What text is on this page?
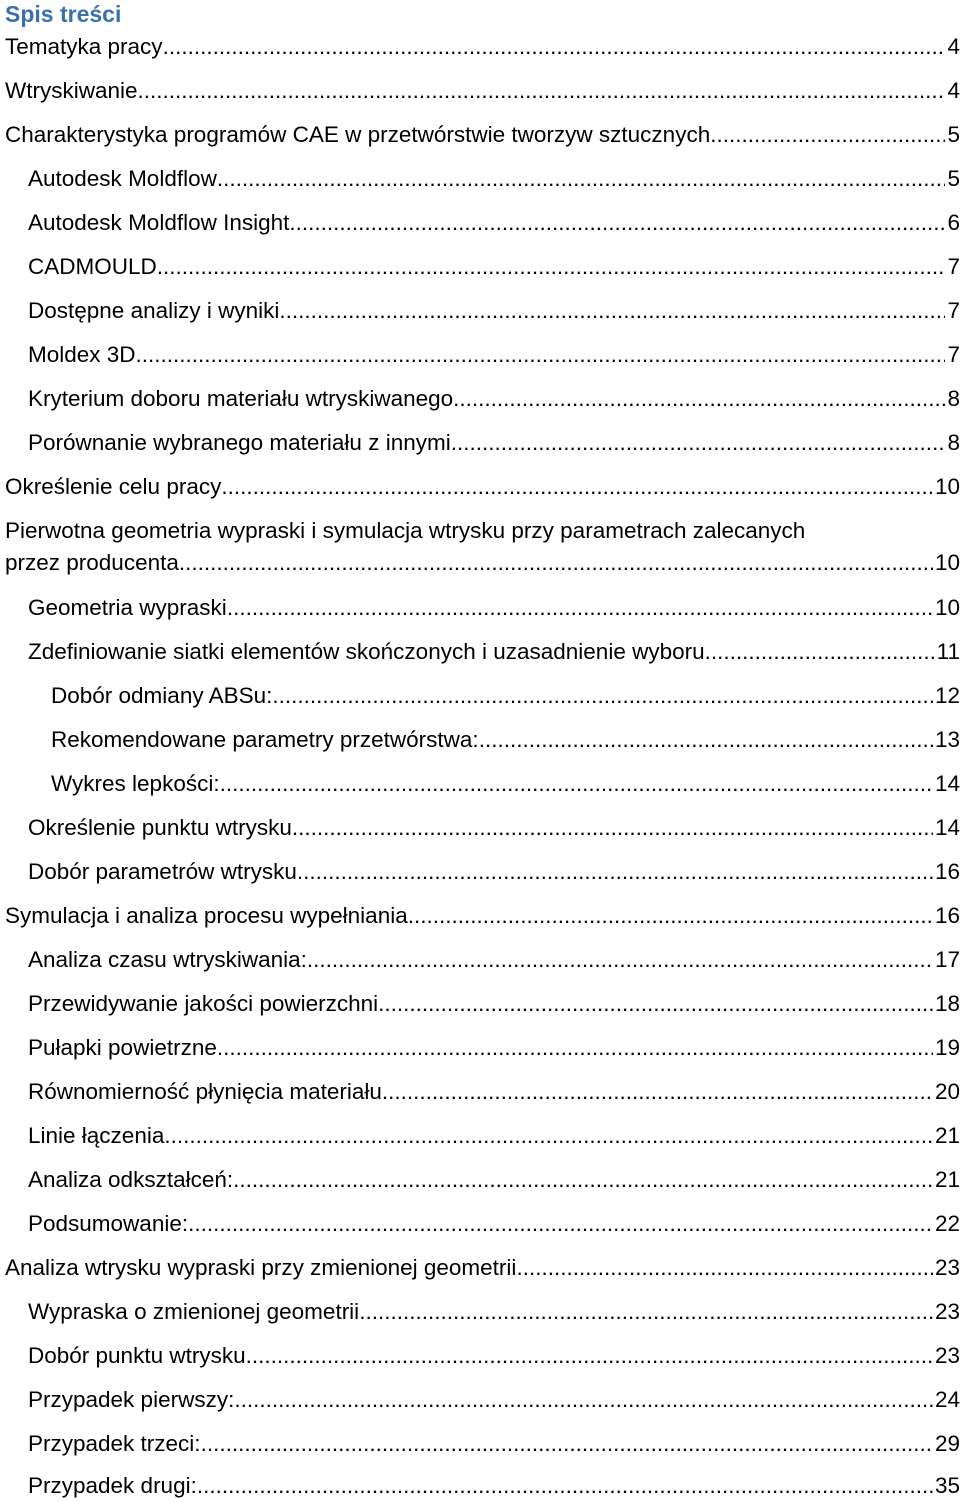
Spis treści
Tematyka pracy .....	4
Wtryskiwanie .....	4
Charakterystyka programów CAE w przetwórstwie tworzyw sztucznych .....	5
Autodesk Moldflow .....	5
Autodesk Moldflow Insight .....	6
CADMOULD .....	7
Dostępne analizy i wyniki .....	7
Moldex 3D .....	7
Kryterium doboru materiału wtryskiwanego .....	8
Porównanie wybranego materiału z innymi .....	8
Określenie celu pracy .....	10
Pierwotna geometria wypraski i symulacja wtrysku przy parametrach zalecanych
przez producenta .....	10
Geometria wypraski .....	10
Zdefiniowanie siatki elementów skończonych i uzasadnienie wyboru .....	11
Dobór odmiany ABSu: .....	12
Rekomendowane parametry przetwórstwa: .....	13
Wykres lepkości: .....	14
Określenie punktu wtrysku .....	14
Dobór parametrów wtrysku .....	16
Symulacja i analiza procesu wypełniania .....	16
Analiza czasu wtryskiwania: .....	17
Przewidywanie jakości powierzchni .....	18
Pułapki powietrzne .....	19
Równomierność płynięcia materiału .....	20
Linie łączenia .....	21
Analiza odkształceń: .....	21
Podsumowanie: .....	22
Analiza wtrysku wypraski przy zmienionej geometrii .....	23
Wypraska o zmienionej geometrii .....	23
Dobór punktu wtrysku .....	23
Przypadek pierwszy: .....	24
Przypadek trzeci: .....	29
Przypadek drugi: .....	35
